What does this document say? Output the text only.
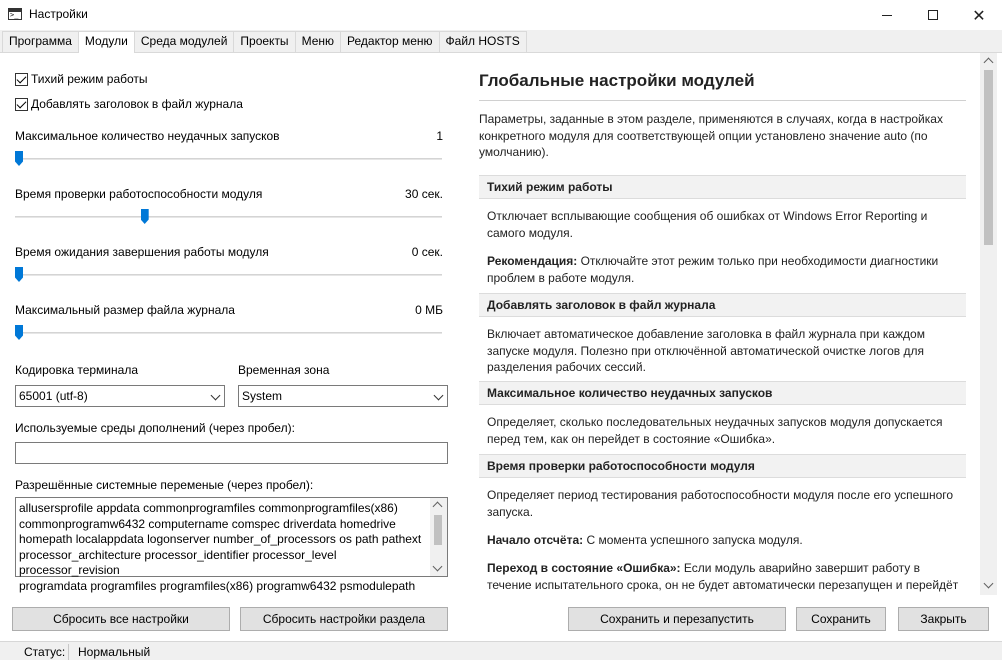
>_
Настройки	✕
Программа	Модули	Среда модулей	Проекты	Меню	Редактор меню	Файл HOSTS
Тихий режим работы
Добавлять заголовок в файл журнала
Максимальное количество неудачных запусков	1
Время проверки работоспособности модуля	30 сек.
Время ожидания завершения работы модуля	0 сек.
Максимальный размер файла журнала	0 МБ
Кодировка терминала	Временная зона
65001 (utf-8)	System
Используемые среды дополнений (через пробел):
Разрешённые системные переменые (через пробел):
allusersprofile appdata commonprogramfiles commonprogramfiles(x86)
commonprogramw6432 computername comspec driverdata homedrive
homepath localappdata logonserver number_of_processors os path pathext
processor_architecture processor_identifier processor_level processor_revision
programdata programfiles programfiles(x86) programw6432 psmodulepath
Глобальные настройки модулей
Параметры, заданные в этом разделе, применяются в случаях, когда в настройках конкретного модуля для соответствующей опции установлено значение auto (по умолчанию).
Тихий режим работы
Отключает всплывающие сообщения об ошибках от Windows Error Reporting и самого модуля.
Рекомендация: Отключайте этот режим только при необходимости диагностики проблем в работе модуля.
Добавлять заголовок в файл журнала
Включает автоматическое добавление заголовка в файл журнала при каждом запуске модуля. Полезно при отключённой автоматической очистке логов для разделения рабочих сессий.
Максимальное количество неудачных запусков
Определяет, сколько последовательных неудачных запусков модуля допускается перед тем, как он перейдет в состояние «Ошибка».
Время проверки работоспособности модуля
Определяет период тестирования работоспособности модуля после его успешного запуска.
Начало отсчёта: С момента успешного запуска модуля.
Переход в состояние «Ошибка»: Если модуль аварийно завершит работу в течение испытательного срока, он не будет автоматически перезапущен и перейдёт
Сбросить все настройки	Сбросить настройки раздела	Сохранить и перезапустить	Сохранить	Закрыть
Статус: Нормальный
